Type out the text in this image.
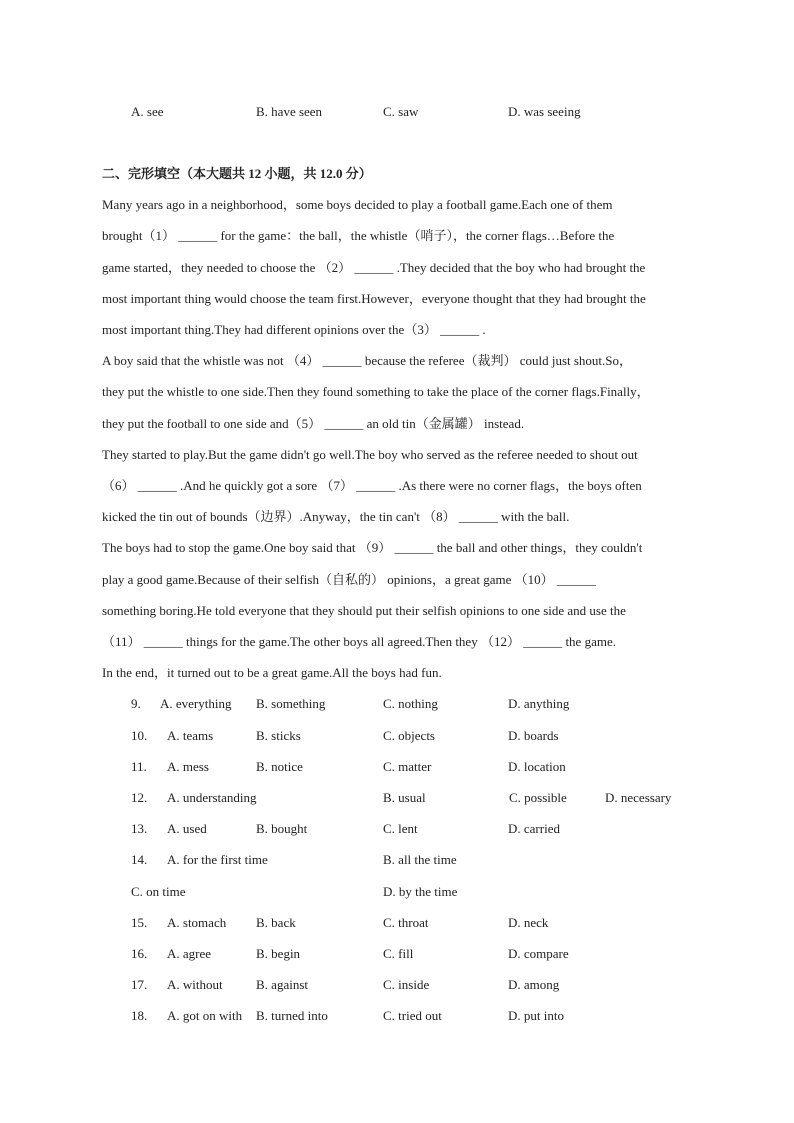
A. see	B. have seen	C. saw	D. was seeing
二、完形填空（本大题共 12 小题，共 12.0 分）
Many years ago in a neighborhood，some boys decided to play a football game.Each one of them
brought（1） ______ for the game：the ball，the whistle（哨子），the corner flags…Before the
game started，they needed to choose the （2） ______ .They decided that the boy who had brought the
most important thing would choose the team first.However，everyone thought that they had brought the
most important thing.They had different opinions over the（3） ______ .
A boy said that the whistle was not （4） ______ because the referee（裁判） could just shout.So，
they put the whistle to one side.Then they found something to take the place of the corner flags.Finally，
they put the football to one side and（5） ______ an old tin（金属罐） instead.
They started to play.But the game didn't go well.The boy who served as the referee needed to shout out
（6） ______ .And he quickly got a sore （7） ______ .As there were no corner flags，the boys often
kicked the tin out of bounds（边界）.Anyway，the tin can't （8） ______ with the ball.
The boys had to stop the game.One boy said that （9） ______ the ball and other things，they couldn't
play a good game.Because of their selfish（自私的） opinions，a great game （10） ______
something boring.He told everyone that they should put their selfish opinions to one side and use the
（11） ______ things for the game.The other boys all agreed.Then they （12） ______ the game.
In the end，it turned out to be a great game.All the boys had fun.
9. A. everything B. something	C. nothing	D. anything
10. A. teams	B. sticks	C. objects	D. boards
11. A. mess	B. notice	C. matter	D. location
12. A. understanding	B. usual	C. possible	D. necessary
13. A. used	B. bought	C. lent	D. carried
14. A. for the first time	B. all the time
C. on time	D. by the time
15. A. stomach B. back	C. throat	D. neck
16. A. agree	B. begin	C. fill	D. compare
17. A. without	B. against	C. inside	D. among
18. A. got on with B. turned into	C. tried out	D. put into
